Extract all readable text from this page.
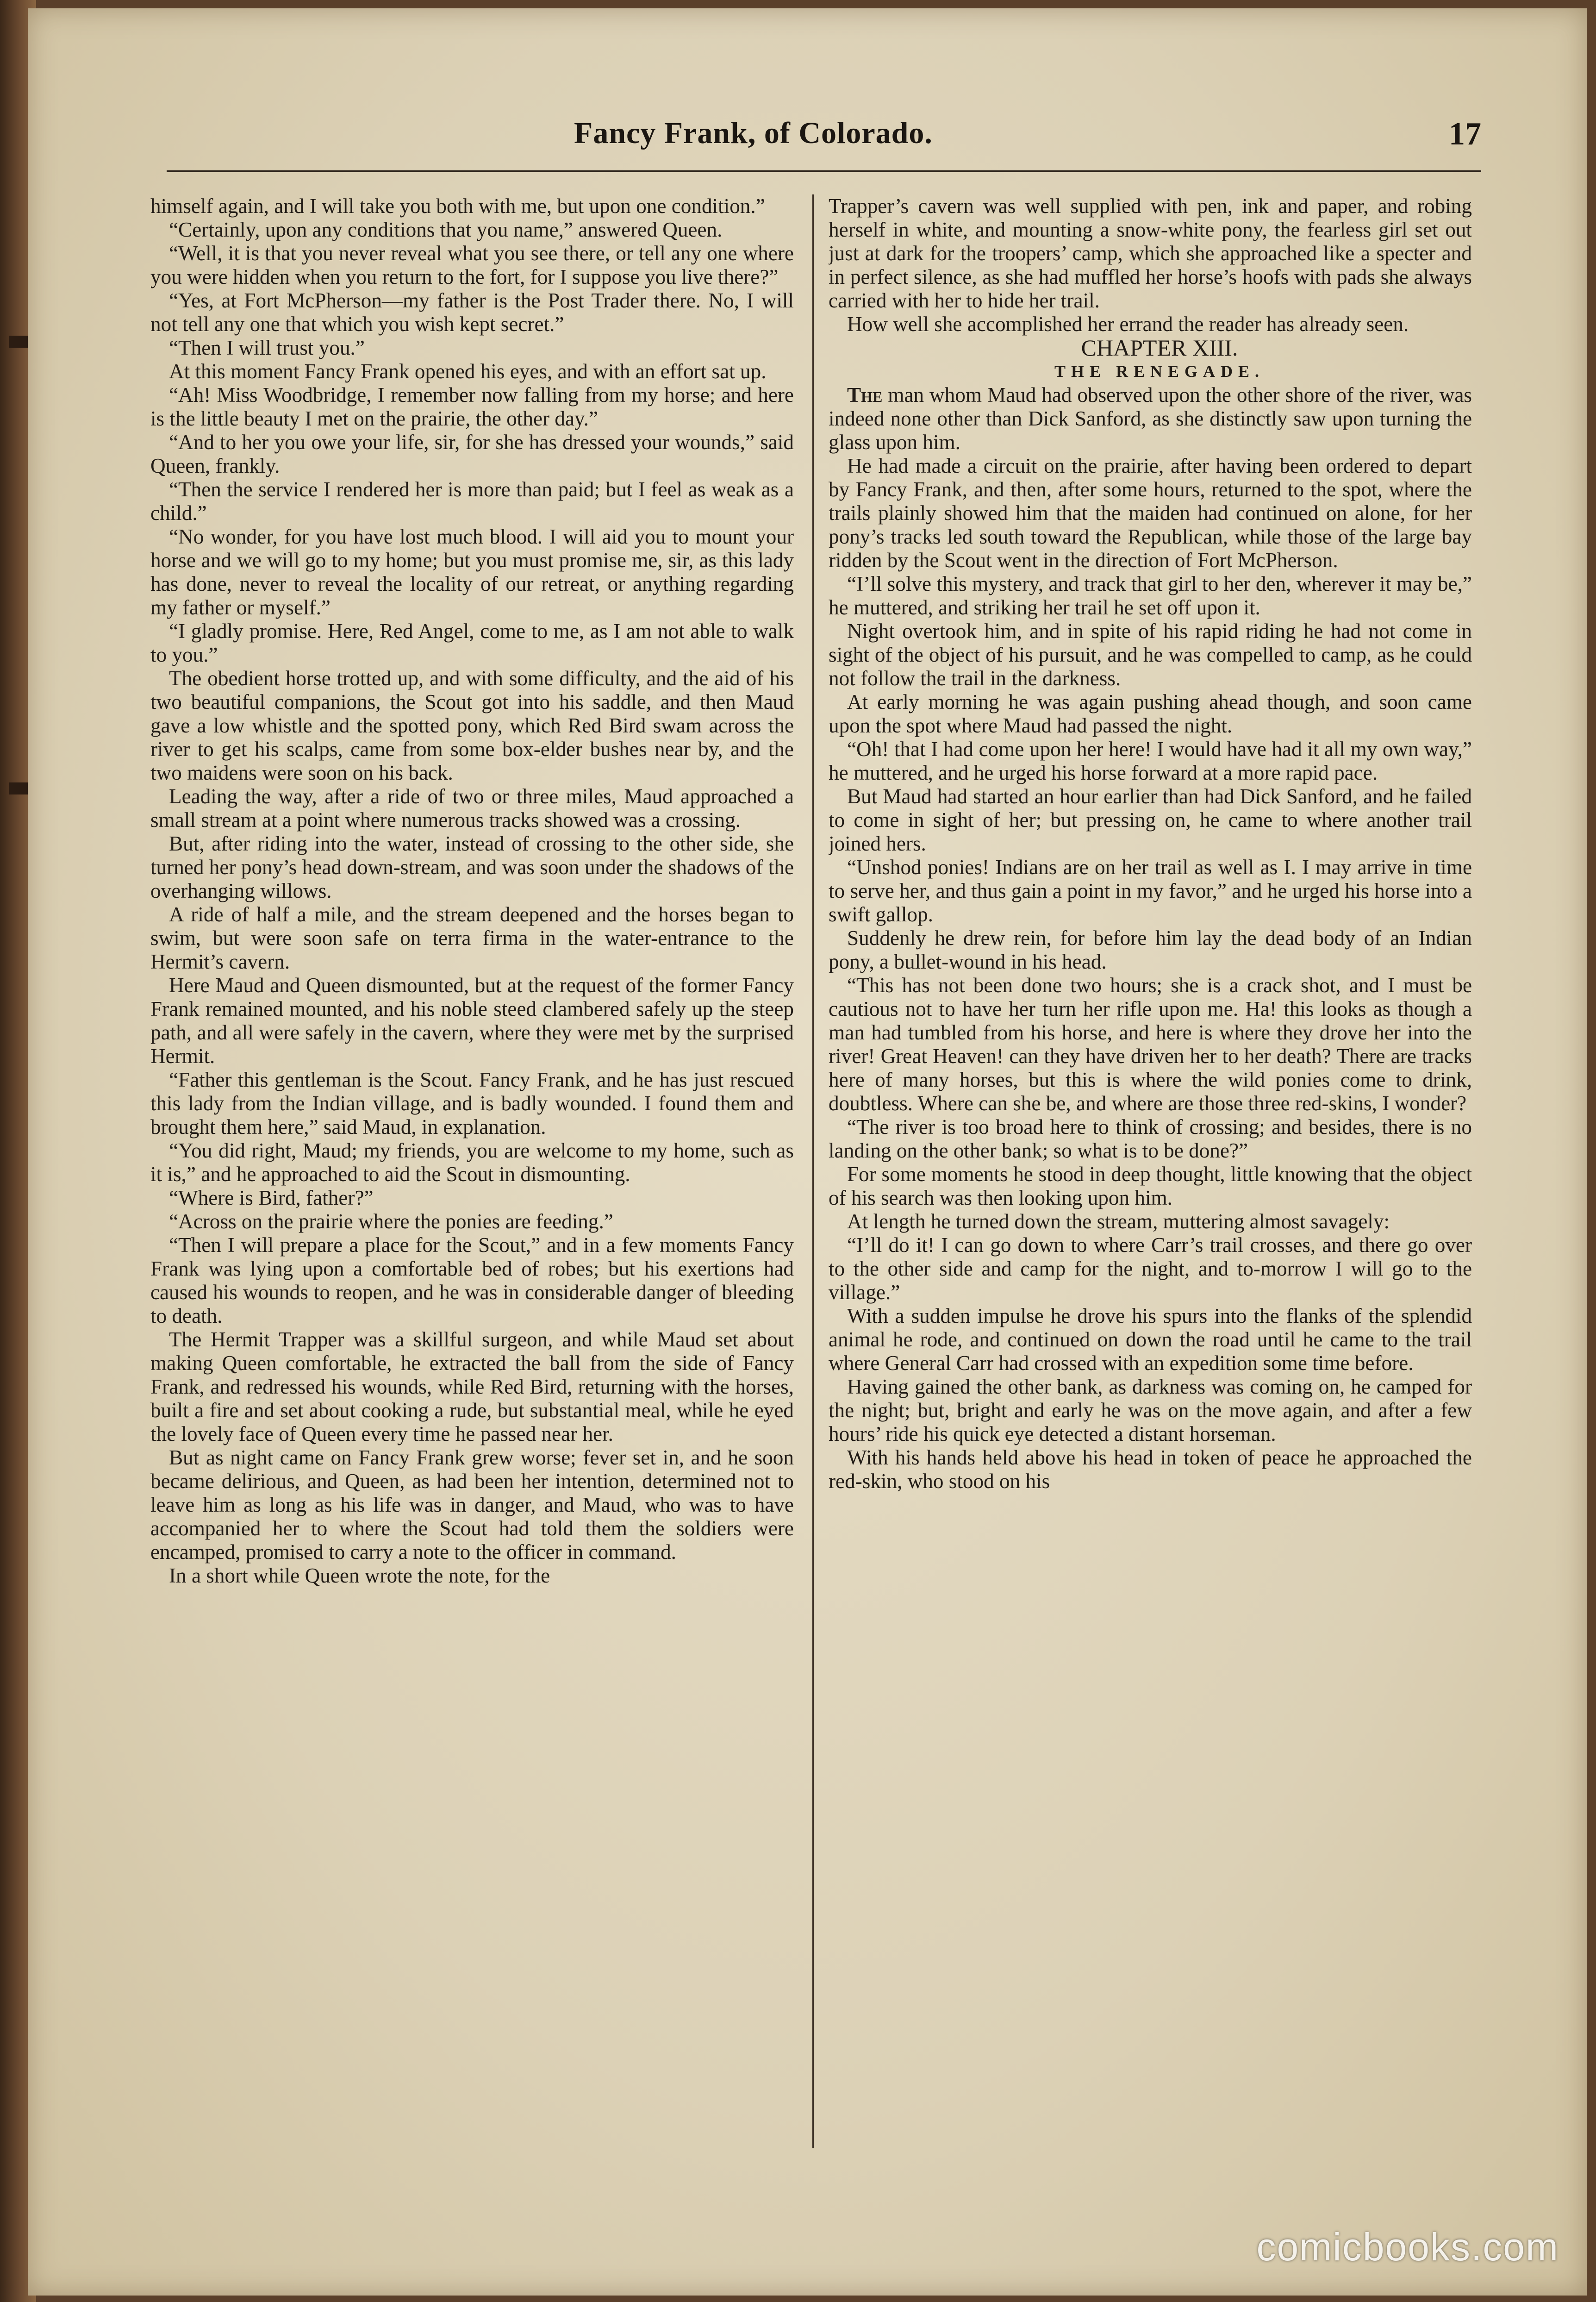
Fancy Frank, of Colorado.	17

himself again, and I will take you both with me, but upon one condition.”

“Certainly, upon any conditions that you name,” answered Queen.

“Well, it is that you never reveal what you see there, or tell any one where you were hidden when you return to the fort, for I suppose you live there?”

“Yes, at Fort McPherson—my father is the Post Trader there. No, I will not tell any one that which you wish kept secret.”

“Then I will trust you.”

At this moment Fancy Frank opened his eyes, and with an effort sat up.

“Ah! Miss Woodbridge, I remember now falling from my horse; and here is the little beauty I met on the prairie, the other day.”

“And to her you owe your life, sir, for she has dressed your wounds,” said Queen, frankly.

“Then the service I rendered her is more than paid; but I feel as weak as a child.”

“No wonder, for you have lost much blood. I will aid you to mount your horse and we will go to my home; but you must promise me, sir, as this lady has done, never to reveal the locality of our retreat, or anything regarding my father or myself.”

“I gladly promise. Here, Red Angel, come to me, as I am not able to walk to you.”

The obedient horse trotted up, and with some difficulty, and the aid of his two beautiful companions, the Scout got into his saddle, and then Maud gave a low whistle and the spotted pony, which Red Bird swam across the river to get his scalps, came from some box-elder bushes near by, and the two maidens were soon on his back.

Leading the way, after a ride of two or three miles, Maud approached a small stream at a point where numerous tracks showed was a crossing.

But, after riding into the water, instead of crossing to the other side, she turned her pony’s head down-stream, and was soon under the shadows of the overhanging willows.

A ride of half a mile, and the stream deepened and the horses began to swim, but were soon safe on terra firma in the water-entrance to the Hermit’s cavern.

Here Maud and Queen dismounted, but at the request of the former Fancy Frank remained mounted, and his noble steed clambered safely up the steep path, and all were safely in the cavern, where they were met by the surprised Hermit.

“Father this gentleman is the Scout. Fancy Frank, and he has just rescued this lady from the Indian village, and is badly wounded. I found them and brought them here,” said Maud, in explanation.

“You did right, Maud; my friends, you are welcome to my home, such as it is,” and he approached to aid the Scout in dismounting.

“Where is Bird, father?”

“Across on the prairie where the ponies are feeding.”

“Then I will prepare a place for the Scout,” and in a few moments Fancy Frank was lying upon a comfortable bed of robes; but his exertions had caused his wounds to reopen, and he was in considerable danger of bleeding to death.

The Hermit Trapper was a skillful surgeon, and while Maud set about making Queen comfortable, he extracted the ball from the side of Fancy Frank, and redressed his wounds, while Red Bird, returning with the horses, built a fire and set about cooking a rude, but substantial meal, while he eyed the lovely face of Queen every time he passed near her.

But as night came on Fancy Frank grew worse; fever set in, and he soon became delirious, and Queen, as had been her intention, determined not to leave him as long as his life was in danger, and Maud, who was to have accompanied her to where the Scout had told them the soldiers were encamped, promised to carry a note to the officer in command.

In a short while Queen wrote the note, for the

Trapper’s cavern was well supplied with pen, ink and paper, and robing herself in white, and mounting a snow-white pony, the fearless girl set out just at dark for the troopers’ camp, which she approached like a specter and in perfect silence, as she had muffled her horse’s hoofs with pads she always carried with her to hide her trail.

How well she accomplished her errand the reader has already seen.

CHAPTER XIII.

THE RENEGADE.

The man whom Maud had observed upon the other shore of the river, was indeed none other than Dick Sanford, as she distinctly saw upon turning the glass upon him.

He had made a circuit on the prairie, after having been ordered to depart by Fancy Frank, and then, after some hours, returned to the spot, where the trails plainly showed him that the maiden had continued on alone, for her pony’s tracks led south toward the Republican, while those of the large bay ridden by the Scout went in the direction of Fort McPherson.

“I’ll solve this mystery, and track that girl to her den, wherever it may be,” he muttered, and striking her trail he set off upon it.

Night overtook him, and in spite of his rapid riding he had not come in sight of the object of his pursuit, and he was compelled to camp, as he could not follow the trail in the darkness.

At early morning he was again pushing ahead though, and soon came upon the spot where Maud had passed the night.

“Oh! that I had come upon her here! I would have had it all my own way,” he muttered, and he urged his horse forward at a more rapid pace.

But Maud had started an hour earlier than had Dick Sanford, and he failed to come in sight of her; but pressing on, he came to where another trail joined hers.

“Unshod ponies! Indians are on her trail as well as I. I may arrive in time to serve her, and thus gain a point in my favor,” and he urged his horse into a swift gallop.

Suddenly he drew rein, for before him lay the dead body of an Indian pony, a bullet-wound in his head.

“This has not been done two hours; she is a crack shot, and I must be cautious not to have her turn her rifle upon me. Ha! this looks as though a man had tumbled from his horse, and here is where they drove her into the river! Great Heaven! can they have driven her to her death? There are tracks here of many horses, but this is where the wild ponies come to drink, doubtless. Where can she be, and where are those three red-skins, I wonder?

“The river is too broad here to think of crossing; and besides, there is no landing on the other bank; so what is to be done?”

For some moments he stood in deep thought, little knowing that the object of his search was then looking upon him.

At length he turned down the stream, muttering almost savagely:

“I’ll do it! I can go down to where Carr’s trail crosses, and there go over to the other side and camp for the night, and to-morrow I will go to the village.”

With a sudden impulse he drove his spurs into the flanks of the splendid animal he rode, and continued on down the road until he came to the trail where General Carr had crossed with an expedition some time before.

Having gained the other bank, as darkness was coming on, he camped for the night; but, bright and early he was on the move again, and after a few hours’ ride his quick eye detected a distant horseman.

With his hands held above his head in token of peace he approached the red-skin, who stood on his

comicbooks.com
